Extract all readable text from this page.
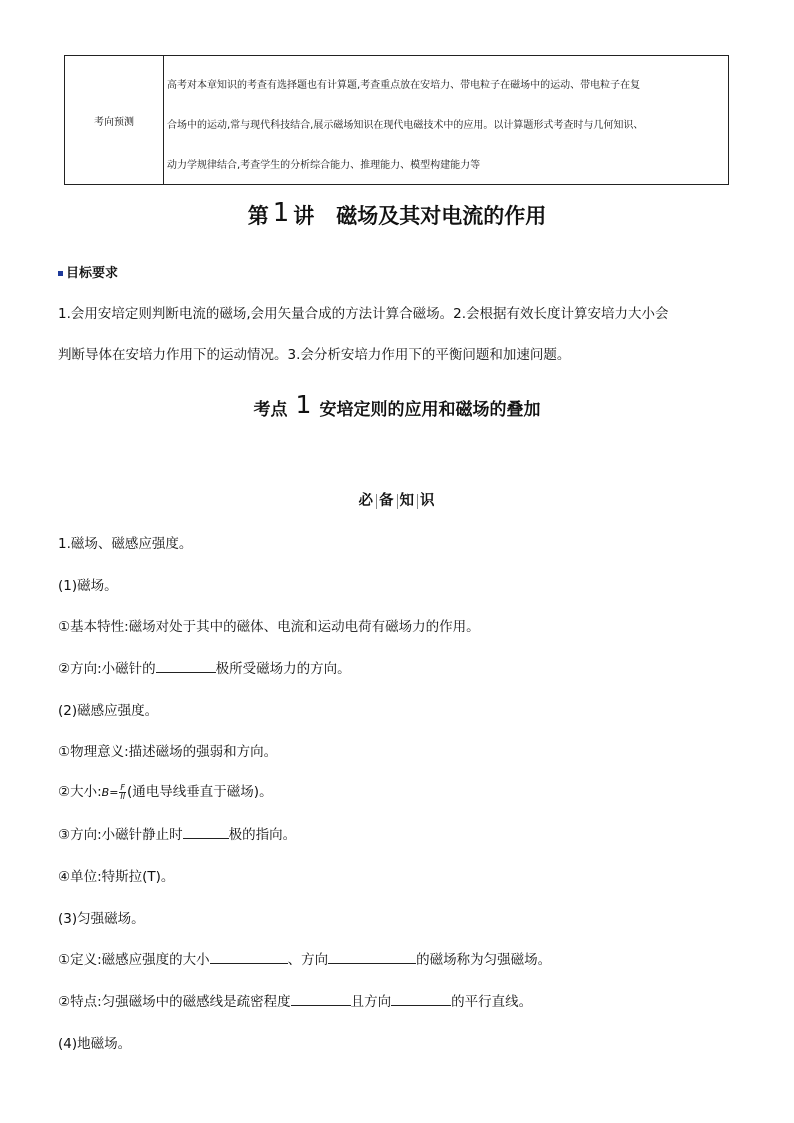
考向预测
高考对本章知识的考查有选择题也有计算题,考查重点放在安培力、带电粒子在磁场中的运动、带电粒子在复
合场中的运动,常与现代科技结合,展示磁场知识在现代电磁技术中的应用。以计算题形式考查时与几何知识、
动力学规律结合,考查学生的分析综合能力、推理能力、模型构建能力等
第 1 讲 磁场及其对电流的作用
目标要求
1.会用安培定则判断电流的磁场,会用矢量合成的方法计算合磁场。2.会根据有效长度计算安培力大小会
判断导体在安培力作用下的运动情况。3.会分析安培力作用下的平衡问题和加速问题。
考点 1 安培定则的应用和磁场的叠加
必 备 知 识
1.磁场、磁感应强度。
(1)磁场。
①基本特性:磁场对处于其中的磁体、电流和运动电荷有磁场力的作用。
②方向:小磁针的	极所受磁场力的方向。
(2)磁感应强度。
①物理意义:描述磁场的强弱和方向。
②大小:B= $\frac{F}{Il}$ (通电导线垂直于磁场)。
③方向:小磁针静止时	极的指向。
④单位:特斯拉(T)。
(3)匀强磁场。
①定义:磁感应强度的大小	、方向	的磁场称为匀强磁场。
②特点:匀强磁场中的磁感线是疏密程度	且方向	的平行直线。
(4)地磁场。
